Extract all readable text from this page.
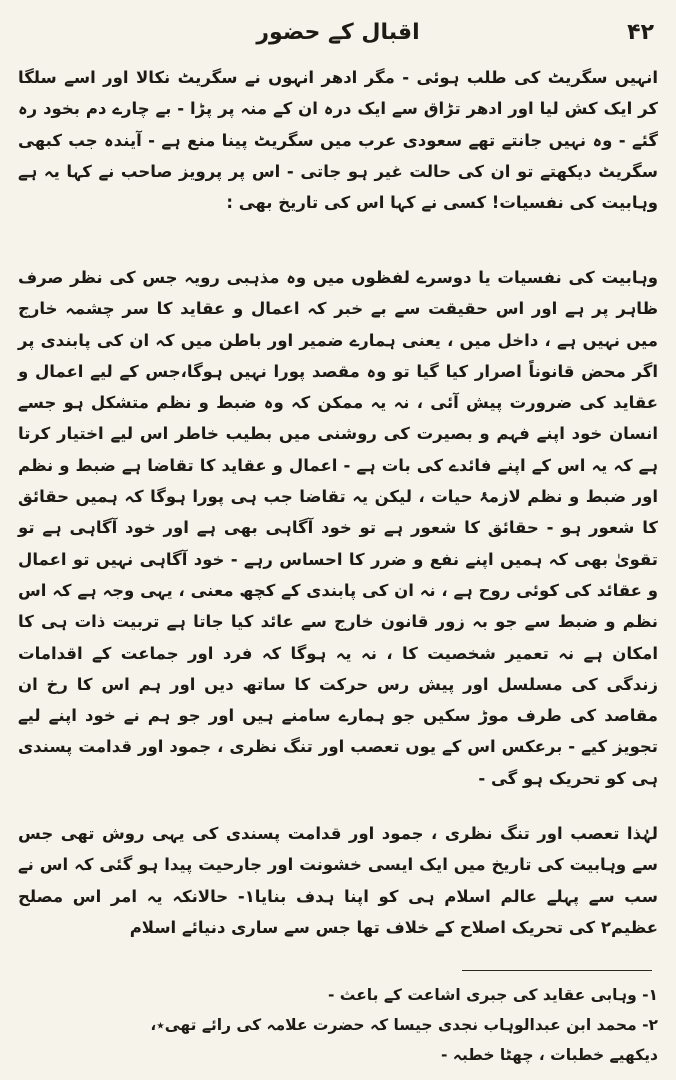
۴۲
اقبال کے حضور

انہیں سگریٹ کی طلب ہوئی - مگر ادھر انہوں نے سگریٹ نکالا اور اسے سلگا کر ایک کش لیا اور ادھر تڑاق سے ایک درہ ان کے منہ پر پڑا - بے چارے دم بخود رہ گئے - وہ نہیں جانتے تھے سعودی عرب میں سگریٹ پینا منع ہے - آیندہ جب کبھی سگریٹ دیکھتے تو ان کی حالت غیر ہو جاتی - اس پر پرویز صاحب نے کہا یہ ہے وہابیت کی نفسیات! کسی نے کہا اس کی تاریخ بھی :

وہابیت کی نفسیات یا دوسرے لفظوں میں وہ مذہبی رویہ جس کی نظر صرف ظاہر پر ہے اور اس حقیقت سے بے خبر کہ اعمال و عقاید کا سر چشمہ خارج میں نہیں ہے ، داخل میں ، یعنی ہمارے ضمیر اور باطن میں کہ ان کی پابندی پر اگر محض قانوناً اصرار کیا گیا تو وہ مقصد پورا نہیں ہوگا،جس کے لیے اعمال و عقاید کی ضرورت پیش آئی ، نہ یہ ممکن کہ وہ ضبط و نظم متشکل ہو جسے انسان خود اپنے فہم و بصیرت کی روشنی میں بطیب خاطر اس لیے اختیار کرتا ہے کہ یہ اس کے اپنے فائدے کی بات ہے - اعمال و عقاید کا تقاضا ہے ضبط و نظم اور ضبط و نظم لازمۂ حیات ، لیکن یہ تقاضا جب ہی پورا ہوگا کہ ہمیں حقائق کا شعور ہو - حقائق کا شعور ہے تو خود آگاہی بھی ہے اور خود آگاہی ہے تو تقویٰ بھی کہ ہمیں اپنے نفع و ضرر کا احساس رہے - خود آگاہی نہیں تو اعمال و عقائد کی کوئی روح ہے ، نہ ان کی پابندی کے کچھ معنی ، یہی وجہ ہے کہ اس نظم و ضبط سے جو بہ زور قانون خارج سے عائد کیا جاتا ہے تربیت ذات ہی کا امکان ہے نہ تعمیر شخصیت کا ، نہ یہ ہوگا کہ فرد اور جماعت کے اقدامات زندگی کی مسلسل اور پیش رس حرکت کا ساتھ دیں اور ہم اس کا رخ ان مقاصد کی طرف موڑ سکیں جو ہمارے سامنے ہیں اور جو ہم نے خود اپنے لیے تجویز کیے - برعکس اس کے یوں تعصب اور تنگ نظری ، جمود اور قدامت پسندی ہی کو تحریک ہو گی -

لہٰذا تعصب اور تنگ نظری ، جمود اور قدامت پسندی کی یہی روش تھی جس سے وہابیت کی تاریخ میں ایک ایسی خشونت اور جارحیت پیدا ہو گئی کہ اس نے سب سے پہلے عالم اسلام ہی کو اپنا ہدف بنایا۱- حالانکہ یہ امر اس مصلح عظیم۲ کی تحریک اصلاح کے خلاف تھا جس سے ساری دنیائے اسلام

۱- وہابی عقاید کی جبری اشاعت کے باعث -

۲- محمد ابن عبدالوہاب نجدی جیسا کہ حضرت علامہ کی رائے تھی٭،

دیکھیے خطبات ، چھٹا خطبہ -
